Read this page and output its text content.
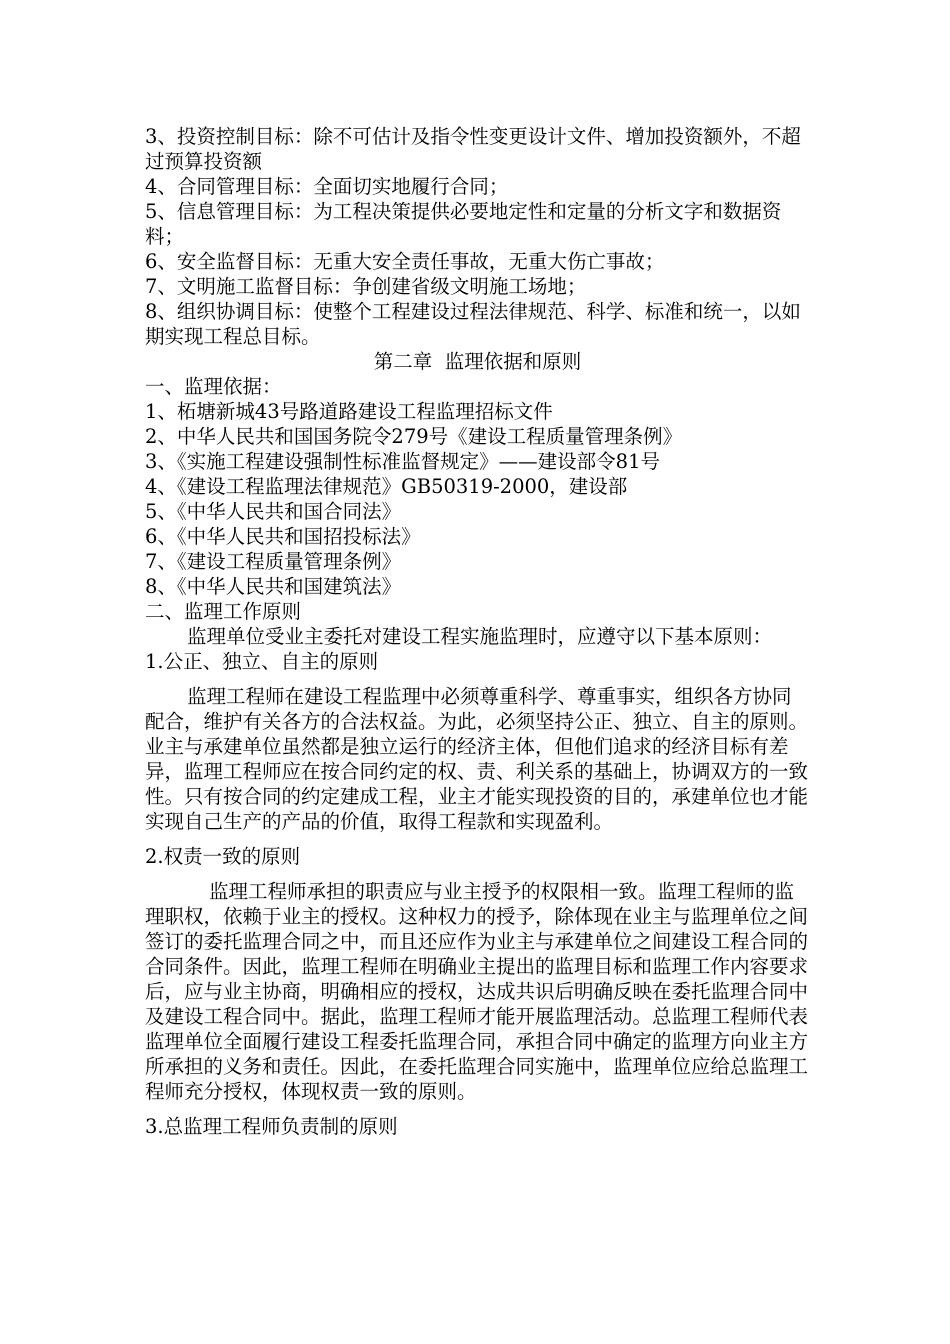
3、投资控制目标：除不可估计及指令性变更设计文件、增加投资额外，不超过预算投资额

4、合同管理目标：全面切实地履行合同；

5、信息管理目标：为工程决策提供必要地定性和定量的分析文字和数据资料；

6、安全监督目标：无重大安全责任事故，无重大伤亡事故；

7、文明施工监督目标：争创建省级文明施工场地；

8、组织协调目标：使整个工程建设过程法律规范、科学、标准和统一，以如期实现工程总目标。

第二章  监理依据和原则

一、监理依据：

1、柘塘新城43号路道路建设工程监理招标文件

2、中华人民共和国国务院令279号《建设工程质量管理条例》

3、《实施工程建设强制性标准监督规定》——建设部令81号

4、《建设工程监理法律规范》GB50319-2000，建设部

5、《中华人民共和国合同法》

6、《中华人民共和国招投标法》

7、《建设工程质量管理条例》

8、《中华人民共和国建筑法》

二、监理工作原则

监理单位受业主委托对建设工程实施监理时，应遵守以下基本原则：

1.公正、独立、自主的原则

监理工程师在建设工程监理中必须尊重科学、尊重事实，组织各方协同配合，维护有关各方的合法权益。为此，必须坚持公正、独立、自主的原则。业主与承建单位虽然都是独立运行的经济主体，但他们追求的经济目标有差异，监理工程师应在按合同约定的权、责、利关系的基础上，协调双方的一致性。只有按合同的约定建成工程，业主才能实现投资的目的，承建单位也才能实现自己生产的产品的价值，取得工程款和实现盈利。

2.权责一致的原则

监理工程师承担的职责应与业主授予的权限相一致。监理工程师的监理职权，依赖于业主的授权。这种权力的授予，除体现在业主与监理单位之间签订的委托监理合同之中，而且还应作为业主与承建单位之间建设工程合同的合同条件。因此，监理工程师在明确业主提出的监理目标和监理工作内容要求后，应与业主协商，明确相应的授权，达成共识后明确反映在委托监理合同中及建设工程合同中。据此，监理工程师才能开展监理活动。总监理工程师代表监理单位全面履行建设工程委托监理合同，承担合同中确定的监理方向业主方所承担的义务和责任。因此，在委托监理合同实施中，监理单位应给总监理工程师充分授权，体现权责一致的原则。

3.总监理工程师负责制的原则
